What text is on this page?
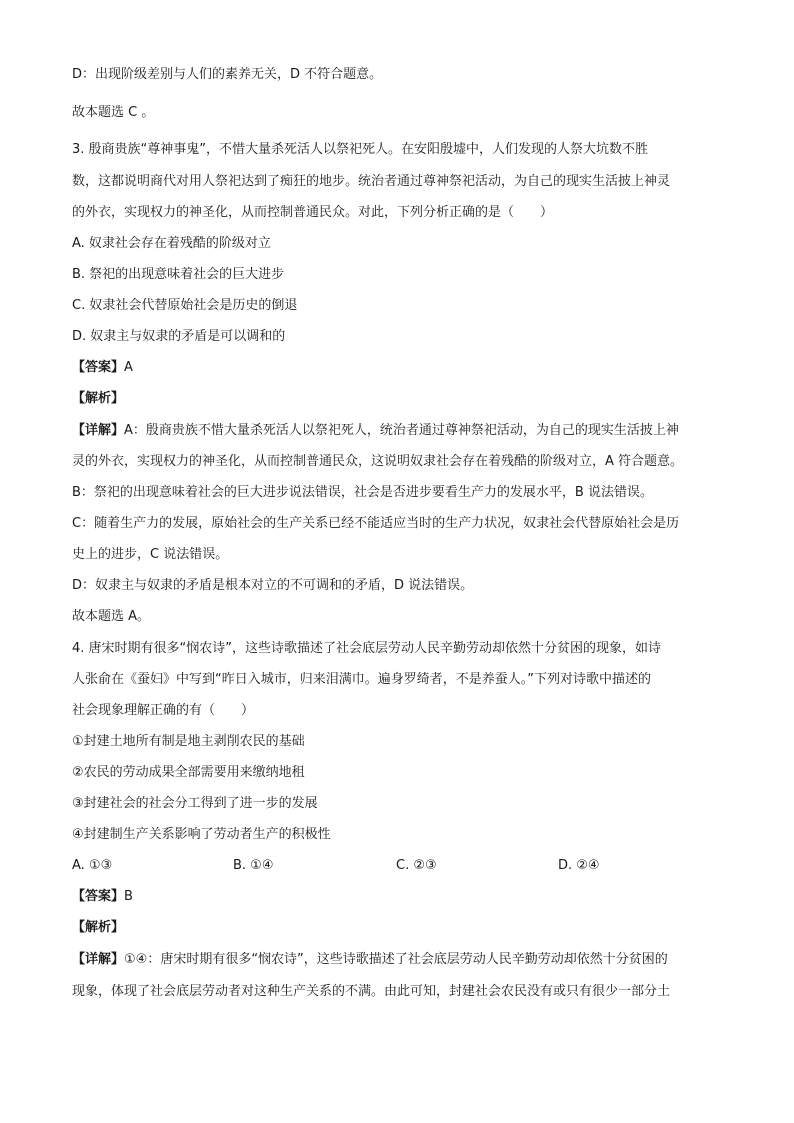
D：出现阶级差别与人们的素养无关，D 不符合题意。
故本题选 C 。
3. 殷商贵族“尊神事鬼”，不惜大量杀死活人以祭祀死人。在安阳殷墟中，人们发现的人祭大坑数不胜
数，这都说明商代对用人祭祀达到了痴狂的地步。统治者通过尊神祭祀活动，为自己的现实生活披上神灵
的外衣，实现权力的神圣化，从而控制普通民众。对此，下列分析正确的是（　　）
A. 奴隶社会存在着残酷的阶级对立
B. 祭祀的出现意味着社会的巨大进步
C. 奴隶社会代替原始社会是历史的倒退
D. 奴隶主与奴隶的矛盾是可以调和的
【答案】A
【解析】
【详解】A：殷商贵族不惜大量杀死活人以祭祀死人，统治者通过尊神祭祀活动，为自己的现实生活披上神
灵的外衣，实现权力的神圣化，从而控制普通民众，这说明奴隶社会存在着残酷的阶级对立，A 符合题意。
B：祭祀的出现意味着社会的巨大进步说法错误，社会是否进步要看生产力的发展水平，B 说法错误。
C：随着生产力的发展，原始社会的生产关系已经不能适应当时的生产力状况，奴隶社会代替原始社会是历
史上的进步，C 说法错误。
D：奴隶主与奴隶的矛盾是根本对立的不可调和的矛盾，D 说法错误。
故本题选 A。
4. 唐宋时期有很多“悯农诗”，这些诗歌描述了社会底层劳动人民辛勤劳动却依然十分贫困的现象，如诗
人张俞在《蚕妇》中写到“昨日入城市，归来泪满巾。遍身罗绮者，不是养蚕人。”下列对诗歌中描述的
社会现象理解正确的有（　　）
①封建土地所有制是地主剥削农民的基础
②农民的劳动成果全部需要用来缴纳地租
③封建社会的社会分工得到了进一步的发展
④封建制生产关系影响了劳动者生产的积极性
A. ①③	B. ①④	C. ②③	D. ②④
【答案】B
【解析】
【详解】①④：唐宋时期有很多“悯农诗”，这些诗歌描述了社会底层劳动人民辛勤劳动却依然十分贫困的
现象，体现了社会底层劳动者对这种生产关系的不满。由此可知，封建社会农民没有或只有很少一部分土
